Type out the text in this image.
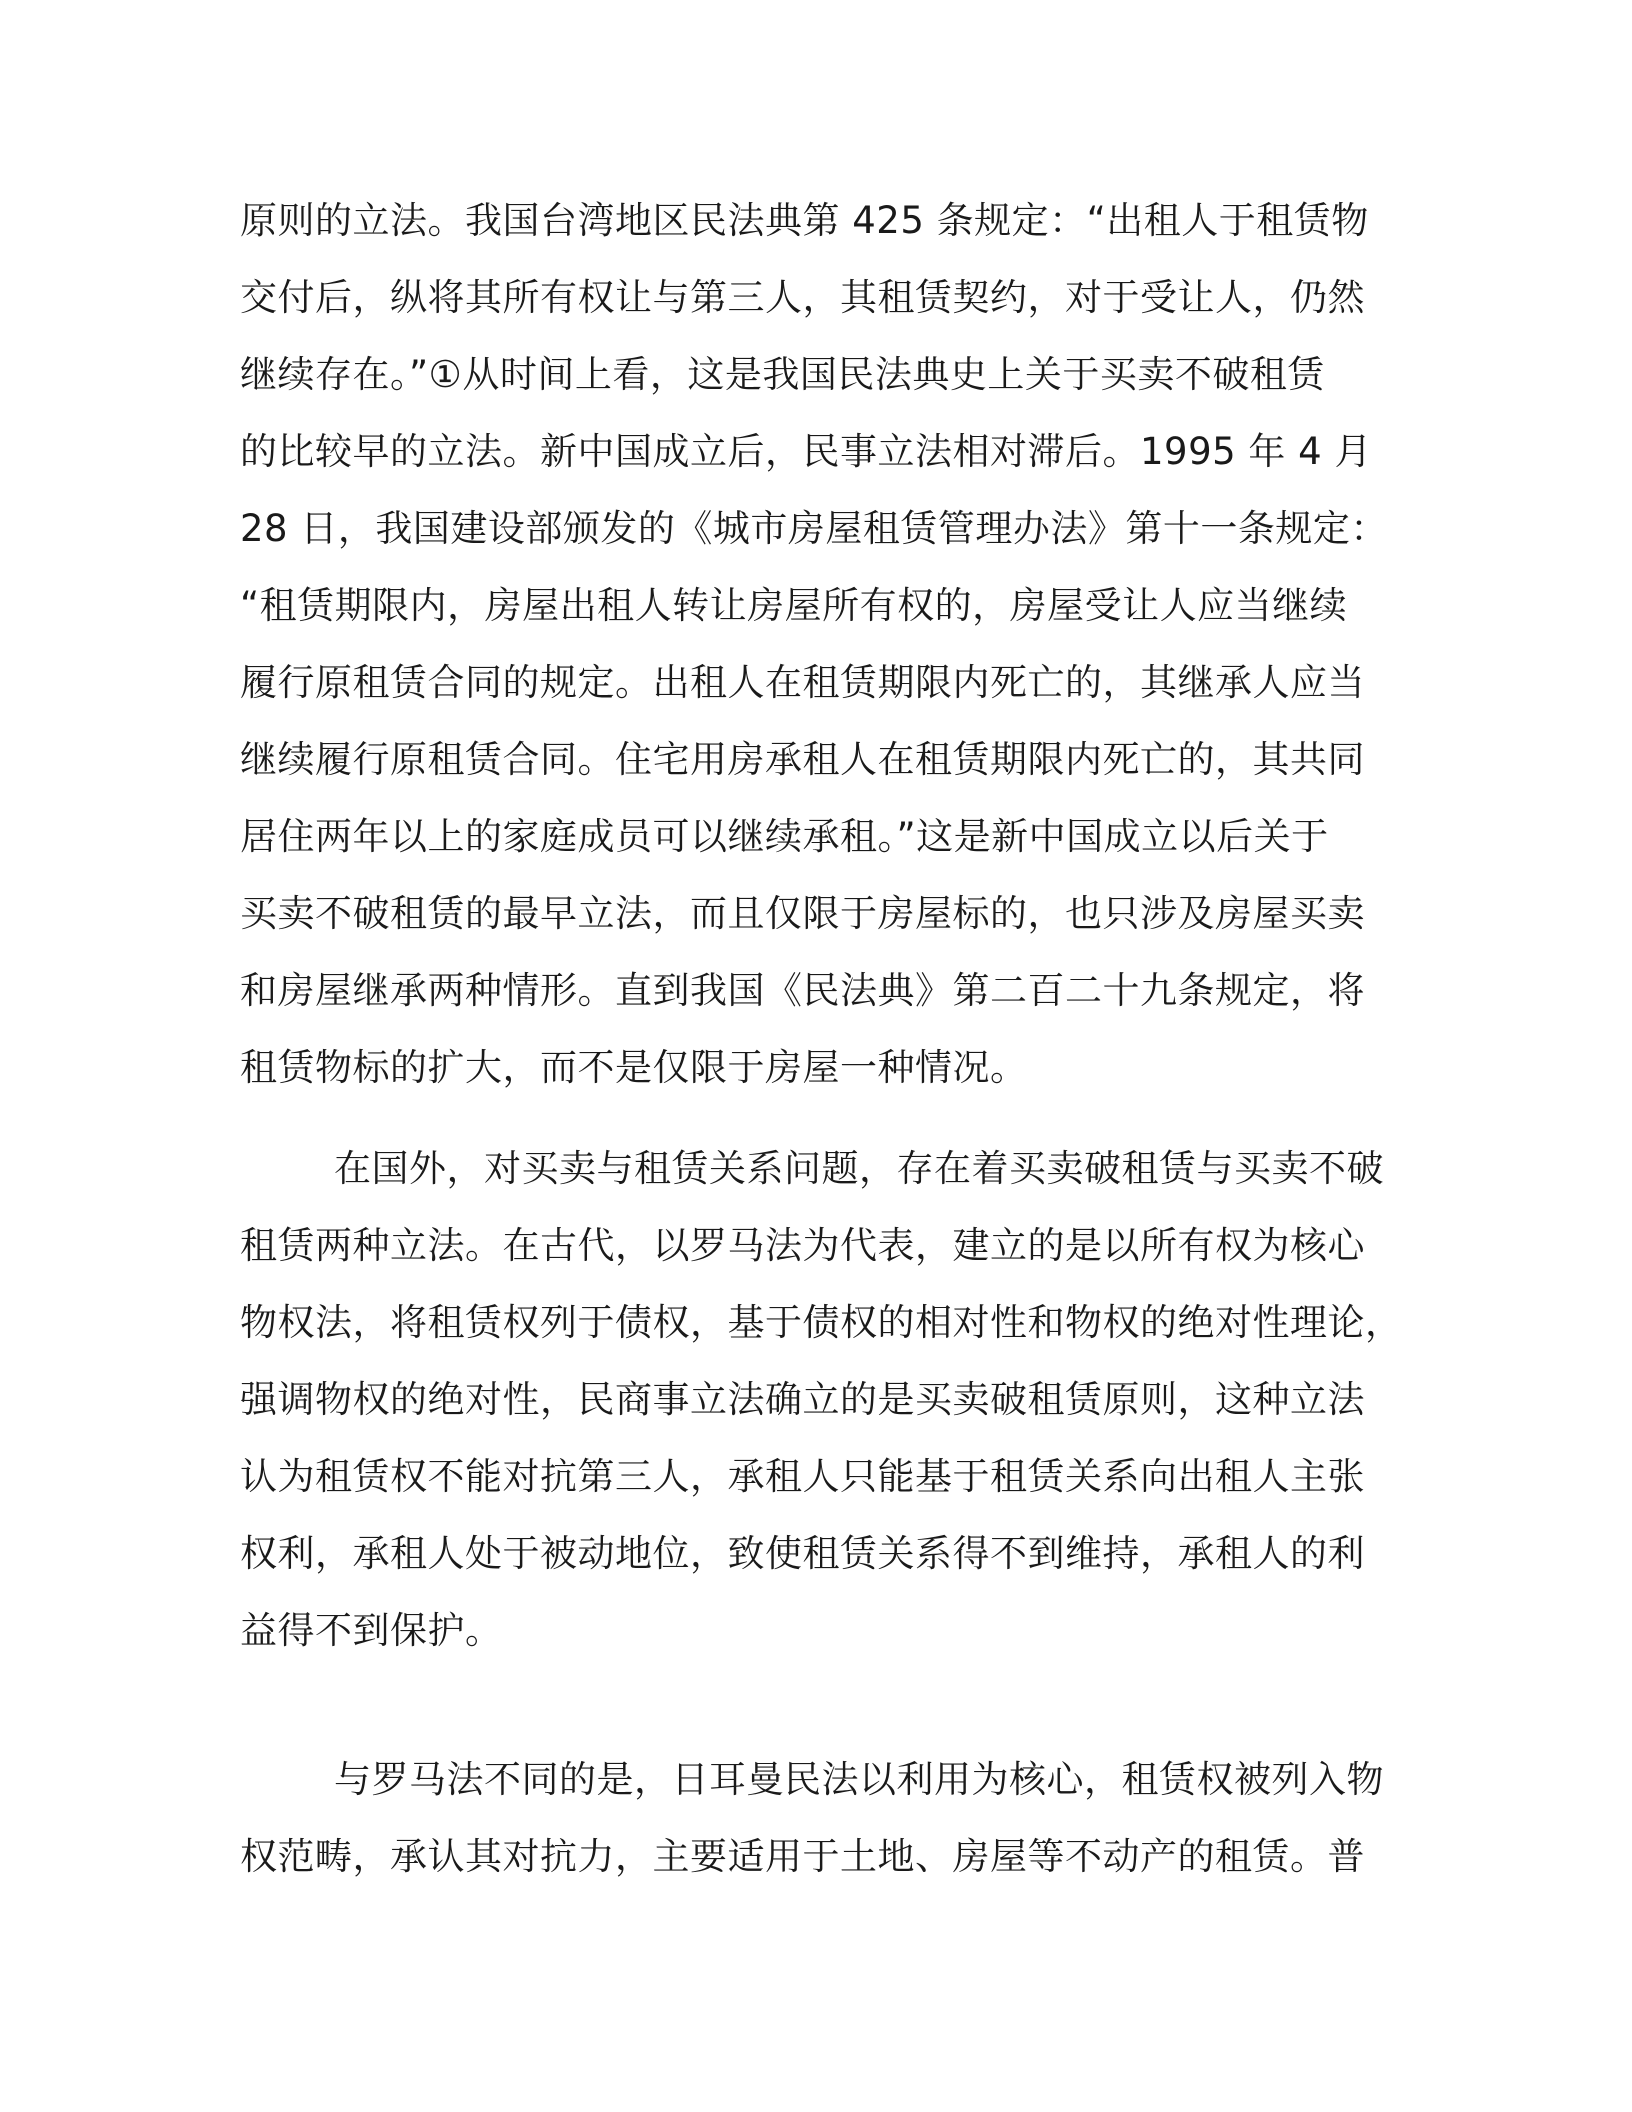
原则的立法。我国台湾地区民法典第 425 条规定：“出租人于租赁物
交付后，纵将其所有权让与第三人，其租赁契约，对于受让人，仍然
继续存在。”①从时间上看，这是我国民法典史上关于买卖不破租赁
的比较早的立法。新中国成立后，民事立法相对滞后。1995 年 4 月
28 日，我国建设部颁发的《城市房屋租赁管理办法》第十一条规定：
“租赁期限内，房屋出租人转让房屋所有权的，房屋受让人应当继续
履行原租赁合同的规定。出租人在租赁期限内死亡的，其继承人应当
继续履行原租赁合同。住宅用房承租人在租赁期限内死亡的，其共同
居住两年以上的家庭成员可以继续承租。”这是新中国成立以后关于
买卖不破租赁的最早立法，而且仅限于房屋标的，也只涉及房屋买卖
和房屋继承两种情形。直到我国《民法典》第二百二十九条规定，将
租赁物标的扩大，而不是仅限于房屋一种情况。
在国外，对买卖与租赁关系问题，存在着买卖破租赁与买卖不破
租赁两种立法。在古代，以罗马法为代表，建立的是以所有权为核心
物权法，将租赁权列于债权，基于债权的相对性和物权的绝对性理论，
强调物权的绝对性，民商事立法确立的是买卖破租赁原则，这种立法
认为租赁权不能对抗第三人，承租人只能基于租赁关系向出租人主张
权利，承租人处于被动地位，致使租赁关系得不到维持，承租人的利
益得不到保护。
与罗马法不同的是，日耳曼民法以利用为核心，租赁权被列入物
权范畴，承认其对抗力，主要适用于土地、房屋等不动产的租赁。普
